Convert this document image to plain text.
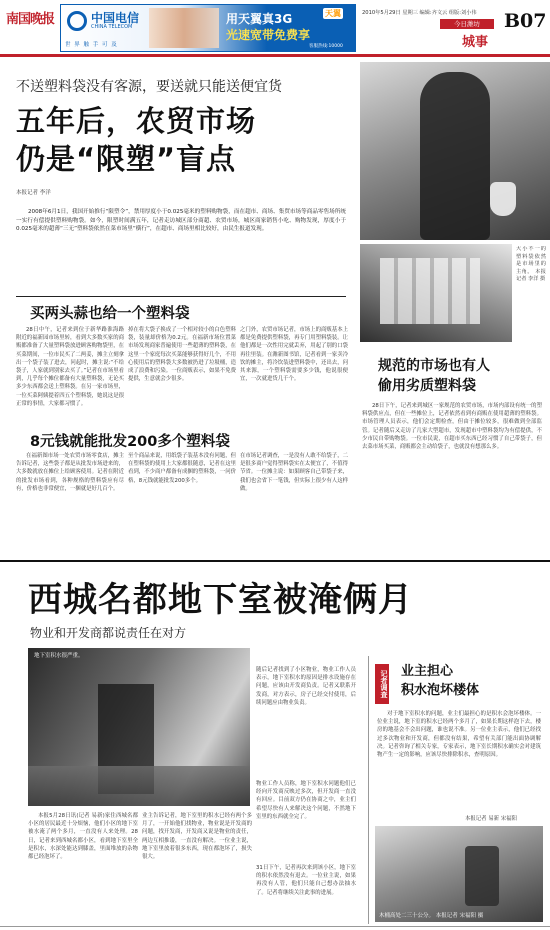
南国晚报	中国电信
CHINA TELECOM
世 界 触 手 可 及
用天翼真3G
光速宽带免费享
天翼
客服热线:10000
2010年5月29日 星期三 编辑:齐文云 组版:刘小伟
今日潍坊
城事
B07
不送塑料袋没有客源，要送就只能送便宜货
五年后，农贸市场
仍是“限塑”盲点
本报记者 李洋
2008年6月1日，我国开始推行“限塑令”，禁用厚度小于0.025毫米的塑料购物袋，而在超市、商场、集贸市场等商品零售场所统一实行有偿提供塑料购物袋。如今，限塑时间满五年，记者走访城区部分商超、农贸市场，城区商家销售小吃、购物发现，厚度小于0.025毫米的超薄“三无”塑料袋依然在菜市场里“横行”，在超市、商场里相比较好，由民生报道发现。
买两头蒜也给一个塑料袋
28日中午，记者来到位于新华路淮海路附近的福新园市场里转，看到大多数买家的商贩都准备了大量塑料袋放进顾客购物袋里，在买菜期间，一位市民买了二两姜，摊主立刻拿出一个袋子装了进去，问起时，摊主说:“不给袋子，人家就到别家去买了。”记者在市场里看到，几乎每个摊位都备有大量塑料袋，无论买多少东西都会送上塑料袋。在另一家市场里，一位买菜阿姨提着四五个塑料袋，她说这是很正常的事情，大家都习惯了。
掉在将大袋子换成了一个相对较小的白色塑料袋，装量却价格为0.2元。在福新市场位置菜市场发现商家普遍使用一些超薄的塑料袋，在这里一个家庭每次买菜能够获得好几个，不用心使用后的塑料袋大多数被扔进了垃圾桶，造成了浪费和污染。一位商贩表示，如果不免费提供，生意就会少很多。
之门外，农贸市场记者，市场上的商贩基本上都是免费提供塑料袋，再专门用塑料袋装。让他们都是一次性用完就丢弃，用起了别的口袋再往里装。在潍新图书馆，记者看到一家卖冷饮的摊主，将冷饮装进塑料袋中，还出去，问其来源，一个塑料袋需要多少钱，他说很便宜，一次就进货几千个。
8元钱就能批发200多个塑料袋
在福新图市场一处农贸市场零食店，摊主告诉记者，这些袋子都是从批发市场进来的，大多数就放在摊位上给顾客使用。记者在附近的批发市场看到，各种规格的塑料袋应有尽有，价格也非常便宜，一捆就是好几百个。
至个商品来说，用纸袋子装基本没有问题，但在塑料袋的使用上大家都很随意，记者在这里看到，不少商户都备有成捆的塑料袋，一问价格，8元钱就能批发200多个。
在市场记者调查，一是没有人敢不给袋子，二是很多商户觉得塑料袋实在太便宜了，不值得节省。一位摊主说：如果顾客自己带袋子来，我们也会省下一笔钱，但实际上很少有人这样做。
大小不一的塑料袋依然是市场里的主角。 本报记者 李洋 摄
规范的市场也有人
偷用劣质塑料袋
28日下午，记者来到城区一家规范的农贸市场，市场内部设有统一的塑料袋供应点，但在一些摊位上，记者依然看到有商贩在使用超薄的塑料袋。市场管理人员表示，他们会定期检查，但由于摊位较多，很难做到全部监管。记者随后又走访了几家大型超市，发现超市中塑料袋均为有偿提供，不少市民自带购物袋。一位市民说，在超市买东西已经习惯了自己带袋子，但去菜市场买菜，商贩都会主动给袋子，也就没有想那么多。
西城名都地下室被淹俩月
物业和开发商都说责任在对方
地下室积水很严重。
本报5月28日讯(记者 易新)家住西城名都小区的居民最近十分烦恼，他们小区的地下室被水淹了两个多月，一直没有人来处理。28日，记者来到西城名都小区，看到地下室里全是积水，水深处能达到膝盖，里面堆放的杂物都已经泡坏了。
业主告诉记者，地下室里的积水已经有两个多月了，一开始他们找物业，物业说是开发商的问题，找开发商，开发商又说是物业的责任，两边互相推诿，一直没有解决。一位业主说，地下室里放着很多东西，现在都泡坏了，损失很大。
随后记者找到了小区物业，物业工作人员表示，地下室积水的原因是排水设施存在问题，应该由开发商负责。记者又联系开发商，对方表示，房子已经交付使用，后续问题应由物业负责。
物业工作人员称，地下室积水问题他们已经向开发商反映过多次，但开发商一直没有回应。目前双方仍在协商之中，业主们希望尽快有人来解决这个问题，不然地下室里的东西就全完了。
31日下午，记者再次来到该小区，地下室的积水依然没有退去。一位业主说，如果再没有人管，他们只能自己想办法抽水了。记者将继续关注此事的进展。
记者调查 业主担心
积水泡坏楼体
对于地下室积水的问题，业主们最担心的是积水会泡坏楼体。一位业主说，地下室的积水已经两个多月了，如果长期这样泡下去，楼房的地基会不会出问题，谁也说不准。另一位业主表示，他们已经找过多次物业和开发商，但都没有结果，希望有关部门能出面协调解决。记者咨询了相关专家，专家表示，地下室长期积水确实会对建筑物产生一定的影响，应该尽快排除积水，查明原因。
本报记者 易新 宋福阳
木桶高处二三十公分。 本报记者 宋福阳 摄
